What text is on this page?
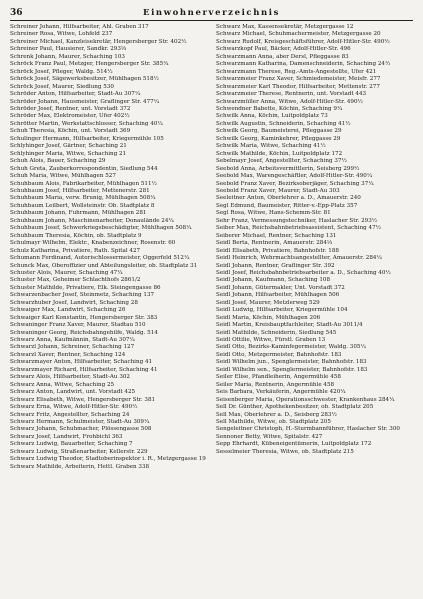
36	Einwohnerverzeichnis
Schreiner Johann, Hilfsarbeiter, Ahl. Graben 317
Schreiner Rosa, Witwe, Lohfeld 237
Schreiner Michael, Kanzleisekretär, Hengersberger Str. 402½
Schreiner Paul, Hausierer, Sandkr. 293⅓
Schrenk Johann, Maurer, Schaching 103
Schröck Franz Paul, Metzger, Hengersberger Str. 385¼
Schröck Josef, Pfleger, Waldg. 514½
Schröck Josef, Sägewerksbesitzer, Mühlhagen 518½
Schröck Josef, Maurer, Siedlung 530
Schröder Anton, Hilfsarbeiter, Stadt-Au 307¼
Schröder Johann, Hausmeister, Graflinger Str. 477¼
Schröder Josef, Rentner, unt. Vorstadt 372
Schröder Max, Elektromeister, Ufer 402½
Schrötter Martin, Werkstattschlosser, Schaching 40¼
Schuh Theresia, Köchin, unt. Vorstadt 369
Schulinger Hermann, Hilfsarbeiter, Kriegermühle 105
Schlyhinger Josef, Gärtner, Schaching 21
Schlyhinger Maria, Witwe, Schaching 21
Schuh Alois, Bauer, Schaching 29
Schuh Greta, Zauberkorrespondentin, Siedlung 544
Schuh Maria, Witwe, Mühlhagen 527
Schuhbaum Alois, Fabrikarbeiter, Mühlhagen 511½
Schuhbaum Josef, Hilfsarbeiter, Mettenerstr. 281
Schuhbaum Maria, verw. Brunig, Mühlhagen 508¼
Schuhbaum Leilbert, Wollsteinstr. Ob. Stadtplatz 8
Schuhbaum Johann, Fuhrmann, Mühlhagen 281
Schuhbaum Johann, Maschinenarbeiter, Donaulände 24¼
Schuhbaum Josef, Schwerkriegsbeschädigter, Mühlhagen 508¼
Schuhbaum Theresia, Köchin, ob. Stadtplatz 9
Schulmayr Wilhelm, Elektr., Knabenzeichner, Rosenstr. 60
Schulz Katharina, Privatiere, Rath. Spital 427
Schumann Ferdinand, Autorischlossermeister, Oggerfeld 512¼
Schunck Max, Oberoffizier und Abteilungsleiter, ob. Stadtplatz 31
Schuster Alois, Maurer, Schaching 47¼
Schuster Max, Geheimer Schlachthofs 2861/2
Schuster Mathilde, Privatiere, Elk. Steingengasse 86
Schwarzenbacher Josef, Steinmetz, Schaching 137
Schwarzhuber Josef, Landwirt, Schaching 28
Schwaiger Max, Landwirt, Schaching 26
Schwaiger Karl Konstantin, Hengersberger Str. 383
Schwaninger Franz Xaver, Maurer, Stadtau 510
Schwaninger Georg, Reichsbahngehilfe, Waldg. 514
Schwarz Anna, Kaufmännin, Stadt-Au 307¼
Schwarzl Johann, Schreiner, Schaching 127
Schwarzl Xaver, Rentner, Schaching 124
Schwarzmayer Anton, Hilfsarbeiter, Schaching 41
Schwarzmayer Richard, Hilfsarbeiter, Schaching 41
Schwarz Alois, Hilfsarbeiter, Stadt-Au 302
Schwarz Anna, Witwe, Schaching 25
Schwarz Anton, Landwirt, unt. Vorstadt 425
Schwarz Elisabeth, Witwe, Hengersberger Str. 381
Schwarz Erna, Witwe, Adolf-Hitler-Str. 490½
Schwarz Fritz, Angestellter, Schaching 24
Schwarz Hermann, Schulmeister, Stadt-Au 309¼
Schwarz Johann, Schuhmacher, Plössengasse 508
Schwarz Josef, Landwirt, Frohbichl 363
Schwarz Ludwig, Bauarbeiter, Schaching 7
Schwarz Ludwig, Straßenarbeiter, Kellerstr. 229
Schwarz Ludwig Theodor, Stadtoberinspektor i. R., Metzgergasse 19
Schwarz Mathilde, Arbeiterin, Hettl. Graben 338
Schwarz Max, Kassensekretär, Metzgergasse 12
Schwarz Michael, Schuhmachermeister, Metzgergasse 20
Schwarz Rudolf, Kreisgeschäftsführer, Adolf-Hitler-Str. 490½
Schwarzkopf Paul, Bäcker, Adolf-Hitler-Str. 496
Schwarzmann Anna, aber Dersl, Pfleggasse 83
Schwarzmann Katharina, Damenschneiderin, Schaching 24½
Schwarzmann Therese, Reg.-Amts-Angestellte, Ufer 421
Schwarzmeier Franz Xaver, Schmiedemeister, Meisfr. 277
Schwarzmeier Karl Theodor, Hilfsarbeiter, Mettenstr. 277
Schwarzmeier Therese, Rentnerin, unt. Vorstadt 443
Schwarzmüller Anna, Witwe, Adolf-Hitler-Str. 490½
Schwendner Babette, Köchin, Schaching 9¼
Schwilk Anna, Köchin, Luitpoldplatz 73
Schwilk Augustin, Schneiderin, Schaching 41½
Schwilk Georg, Baumeisterei, Pfleggasse 29
Schwilk Georg, Kaminkehrer, Pfleggasse 29
Schwilk Maria, Witwe, Schaching 41½
Schwilk Mathilde, Köchin, Luitpoldplatz 172
Sebelmayr Josef, Angestellter, Schaching 37½
Seebold Anna, Arbeitsvermittlerin, Seisberg 299½
Seebold Max, Warengeschäftler, Adolf-Hitler-Str. 490¼
Seebold Franz Xaver, Bezirksoberjäger, Schaching 37¼
Seebold Franz Xaver, Maurer, Stadt-Au 303
Seeleitner Anton, Oberlehrer a. D., Amauerstr. 240
Segl Edmund, Baumeister, Ritter-v.-Epp-Platz 357
Segl Rosa, Witwe, Hans-Schemm-Str. 81
Sehr Franz, Vermessungstechniker, Haslacher Str. 293½
Seiber Max, Reichsbahnbetriebsassistent, Schaching 47½
Seiberer Michael, Rentner, Schaching 131
Seidl Berta, Rentnerin, Amauerstr. 284⅓
Seidl Elisabeth, Privatiere, Bahnhofstr. 188
Seidl Heinrich, Wehrmachtsangestellter, Amauerstr. 284¼
Seidl Johann, Rentner, Graflinger Str. 392
Seidl Josef, Reichsbahnbetriebsarbeiter a. D., Schaching 40½
Seidl Johann, Kaufmann, Schaching 108
Seidl Johann, Gütermakler, Unt. Vorstadt 372
Seidl Johann, Hilfsarbeiter, Mühlhagen 506
Seidl Josef, Maurer, Metzlerweg 529
Seidl Ludwig, Hilfsarbeiter, Kriegermühle 104
Seidl Maria, Köchin, Mühlhagen 206
Seidl Martin, Kreisbauptfachleiter, Stadt-Au 3011/4
Seidl Mathilde, Schneiderin, Siedlung 545
Seidl Ottilie, Witwe, Fürstl. Graben 13
Seidl Otto, Bezirks-Kaminfegermeister, Waldg. 305¼
Seidl Otto, Metzgermeister, Bahnhofstr. 183
Seidl Wilhelm jun., Spenglermeister, Bahnhofstr. 183
Seidl Wilhelm sen., Spenglermeister, Bahnhofstr. 183
Seiler Elise, Pfandleiherin, Angermühle 458
Seiler Maria, Rentnerin, Angermühle 458
Seis Barbara, Verkäuferin, Angermühle 420¼
Seisenberger Maria, Operationsschwester, Krankenhaus 284¼
Sell Dr. Günther, Apothekenbesitzer, ob. Stadtplatz 205
Sell Max, Oberlehrer a. D., Seisberg 283½
Sell Mathilde, Witwe, ob. Stadtplatz 205
Sengeleitner Christoph, H.-Sturmbannführer, Haslacher Str. 300
Sennoner Betty, Witwe, Spitalstr. 427
Sepp Ehrhardt, Kübeneigentümerin, Luitpoldplatz 172
Sesselmeier Theresia, Witwe, ob. Stadtplatz 215
